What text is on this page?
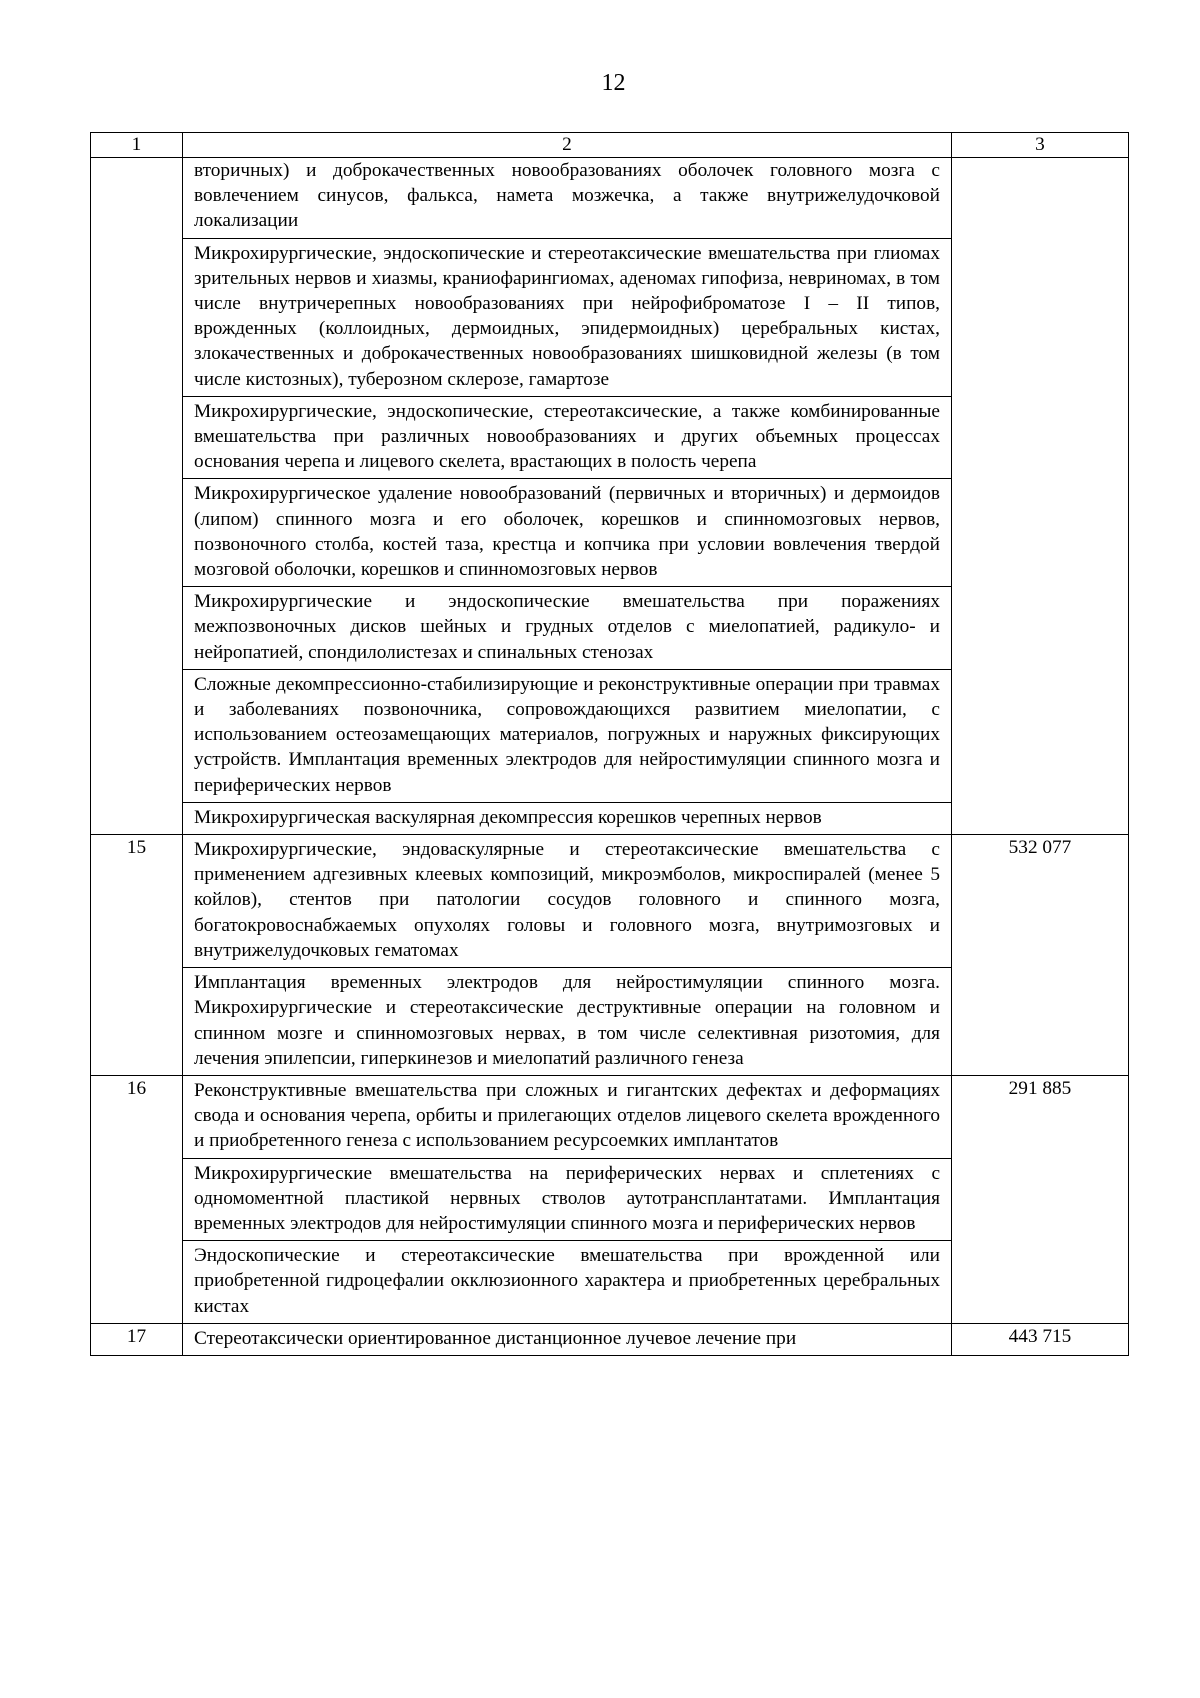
12
1	2	3
	вторичных) и доброкачественных новообразованиях оболочек головного мозга с вовлечением синусов, фалькса, намета мозжечка, а также внутрижелудочковой локализации	
	Микрохирургические, эндоскопические и стереотаксические вмешательства при глиомах зрительных нервов и хиазмы, краниофарингиомах, аденомах гипофиза, невриномах, в том числе внутричерепных новообразованиях при нейрофиброматозе I – II типов, врожденных (коллоидных, дермоидных, эпидермоидных) церебральных кистах, злокачественных и доброкачественных новообразованиях шишковидной железы (в том числе кистозных), туберозном склерозе, гамартозе	
	Микрохирургические, эндоскопические, стереотаксические, а также комбинированные вмешательства при различных новообразованиях и других объемных процессах основания черепа и лицевого скелета, врастающих в полость черепа	
	Микрохирургическое удаление новообразований (первичных и вторичных) и дермоидов (липом) спинного мозга и его оболочек, корешков и спинномозговых нервов, позвоночного столба, костей таза, крестца и копчика при условии вовлечения твердой мозговой оболочки, корешков и спинномозговых нервов	
	Микрохирургические и эндоскопические вмешательства при поражениях межпозвоночных дисков шейных и грудных отделов с миелопатией, радикуло- и нейропатией, спондилолистезах и спинальных стенозах	
	Сложные декомпрессионно-стабилизирующие и реконструктивные операции при травмах и заболеваниях позвоночника, сопровождающихся развитием миелопатии, с использованием остеозамещающих материалов, погружных и наружных фиксирующих устройств. Имплантация временных электродов для нейростимуляции спинного мозга и периферических нервов	
	Микрохирургическая васкулярная декомпрессия корешков черепных нервов	
15	Микрохирургические, эндоваскулярные и стереотаксические вмешательства с применением адгезивных клеевых композиций, микроэмболов, микроспиралей (менее 5 койлов), стентов при патологии сосудов головного и спинного мозга, богатокровоснабжаемых опухолях головы и головного мозга, внутримозговых и внутрижелудочковых гематомах	532 077
	Имплантация временных электродов для нейростимуляции спинного мозга. Микрохирургические и стереотаксические деструктивные операции на головном и спинном мозге и спинномозговых нервах, в том числе селективная ризотомия, для лечения эпилепсии, гиперкинезов и миелопатий различного генеза	
16	Реконструктивные вмешательства при сложных и гигантских дефектах и деформациях свода и основания черепа, орбиты и прилегающих отделов лицевого скелета врожденного и приобретенного генеза с использованием ресурсоемких имплантатов	291 885
	Микрохирургические вмешательства на периферических нервах и сплетениях с одномоментной пластикой нервных стволов аутотрансплантатами. Имплантация временных электродов для нейростимуляции спинного мозга и периферических нервов	
	Эндоскопические и стереотаксические вмешательства при врожденной или приобретенной гидроцефалии окклюзионного характера и приобретенных церебральных кистах	
17	Стереотаксически ориентированное дистанционное лучевое лечение при	443 715
